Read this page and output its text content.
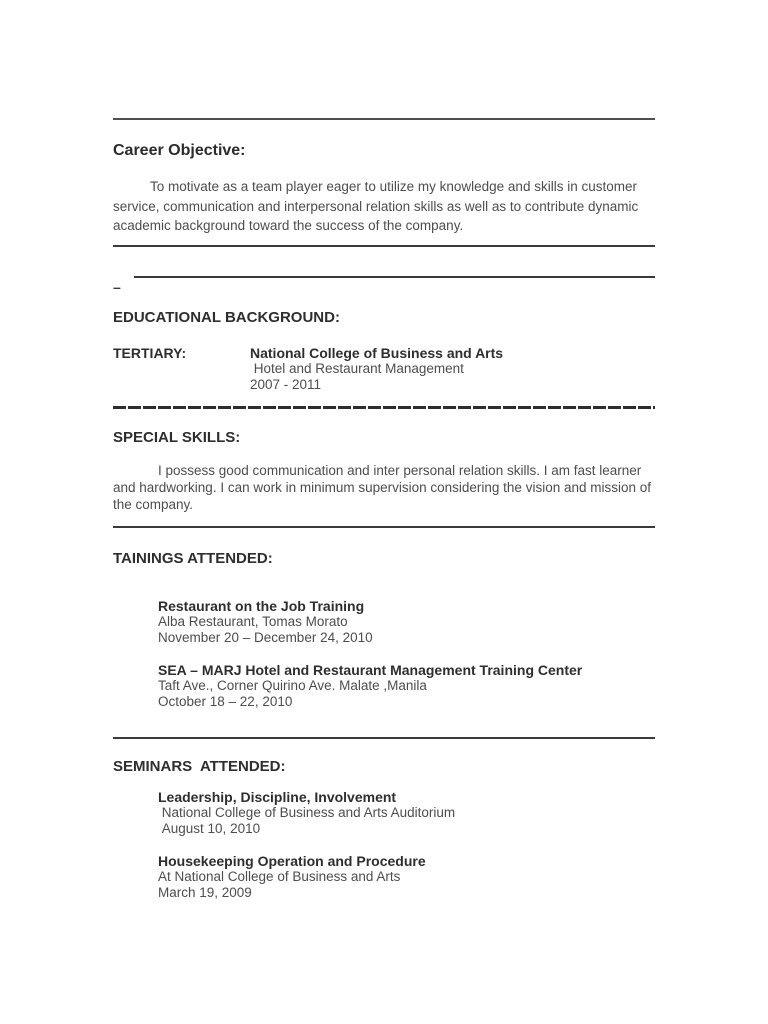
Career Objective:

To motivate as a team player eager to utilize my knowledge and skills in customer service, communication and interpersonal relation skills as well as to contribute dynamic academic background toward the success of the company.

–
EDUCATIONAL BACKGROUND:
TERTIARY:	National College of Business and Arts
Hotel and Restaurant Management
2007 - 2011
SPECIAL SKILLS:

I possess good communication and inter personal relation skills. I am fast learner and hardworking. I can work in minimum supervision considering the vision and mission of the company.

TAININGS ATTENDED:
Restaurant on the Job Training
Alba Restaurant, Tomas Morato
November 20 – December 24, 2010
SEA – MARJ Hotel and Restaurant Management Training Center
Taft Ave., Corner Quirino Ave. Malate ,Manila
October 18 – 22, 2010
SEMINARS  ATTENDED:
Leadership, Discipline, Involvement
National College of Business and Arts Auditorium
August 10, 2010
Housekeeping Operation and Procedure
At National College of Business and Arts
March 19, 2009
